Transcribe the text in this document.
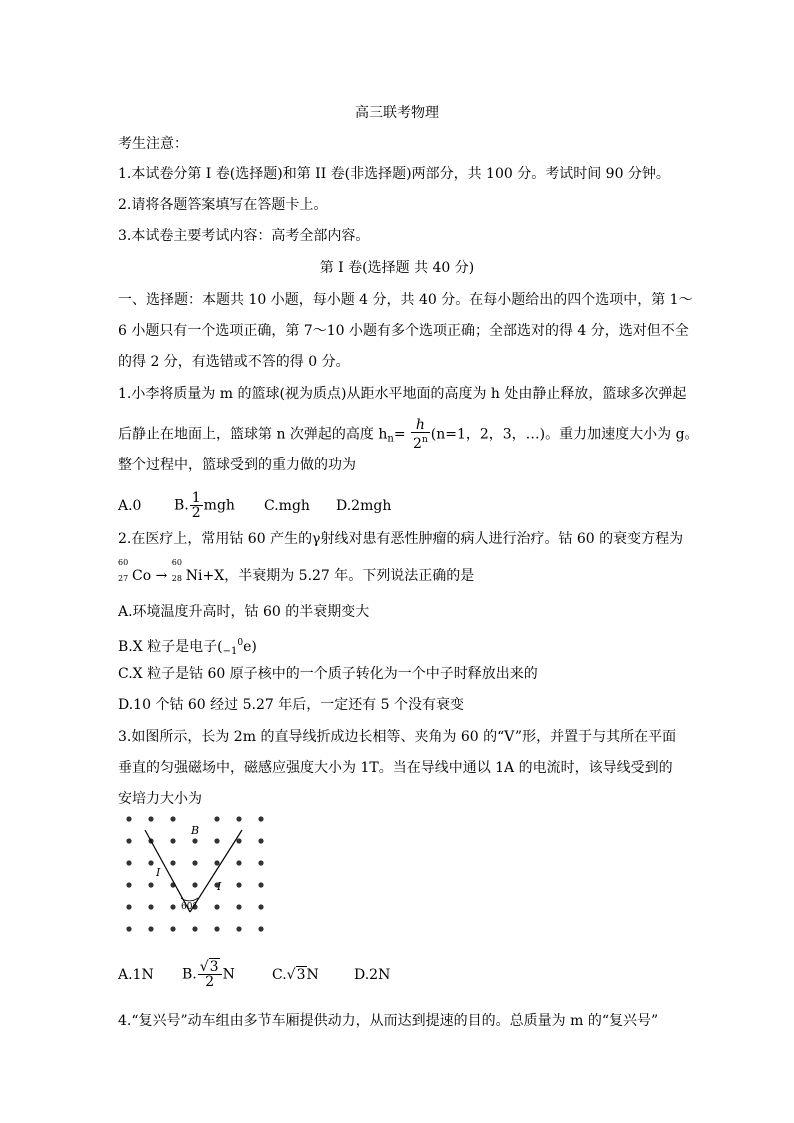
高三联考物理
考生注意：
1.本试卷分第 I 卷(选择题)和第 II 卷(非选择题)两部分，共 100 分。考试时间 90 分钟。
2.请将各题答案填写在答题卡上。
3.本试卷主要考试内容：高考全部内容。
第 I 卷(选择题 共 40 分)
一、选择题：本题共 10 小题，每小题 4 分，共 40 分。在每小题给出的四个选项中，第 1～
6 小题只有一个选项正确，第 7～10 小题有多个选项正确；全部选对的得 4 分，选对但不全
的得 2 分，有选错或不答的得 0 分。
1.小李将质量为 m 的篮球(视为质点)从距水平地面的高度为 h 处由静止释放，篮球多次弹起
后静止在地面上，篮球第 n 次弹起的高度 $h_n= \frac{h}{2^n} (n=1$，2，3，…)。重力加速度大小为 g。
整个过程中，篮球受到的重力做的功为
A.0 B. $\frac{1}{2}$ mgh C.mgh D.2mgh
2.在医疗上，常用钴 60 产生的γ射线对患有恶性肿瘤的病人进行治疗。钴 60 的衰变方程为
60
27 Co →
60
28 Ni+X，半衰期为 5.27 年。下列说法正确的是
A.环境温度升高时，钴 60 的半衰期变大
B.X 粒子是电子$(_{-1}^0e)$
C.X 粒子是钴 60 原子核中的一个质子转化为一个中子时释放出来的
D.10 个钴 60 经过 5.27 年后，一定还有 5 个没有衰变
3.如图所示，长为 2m 的直导线折成边长相等、夹角为 60 的“V”形，并置于与其所在平面
垂直的匀强磁场中，磁感应强度大小为 1T。当在导线中通以 1A 的电流时，该导线受到的
安培力大小为
B
I
I
60°
A.1N B. $\frac{√3}{2}$ N	C.√3N	D.2N
4.“复兴号”动车组由多节车厢提供动力，从而达到提速的目的。总质量为 m 的“复兴号”
